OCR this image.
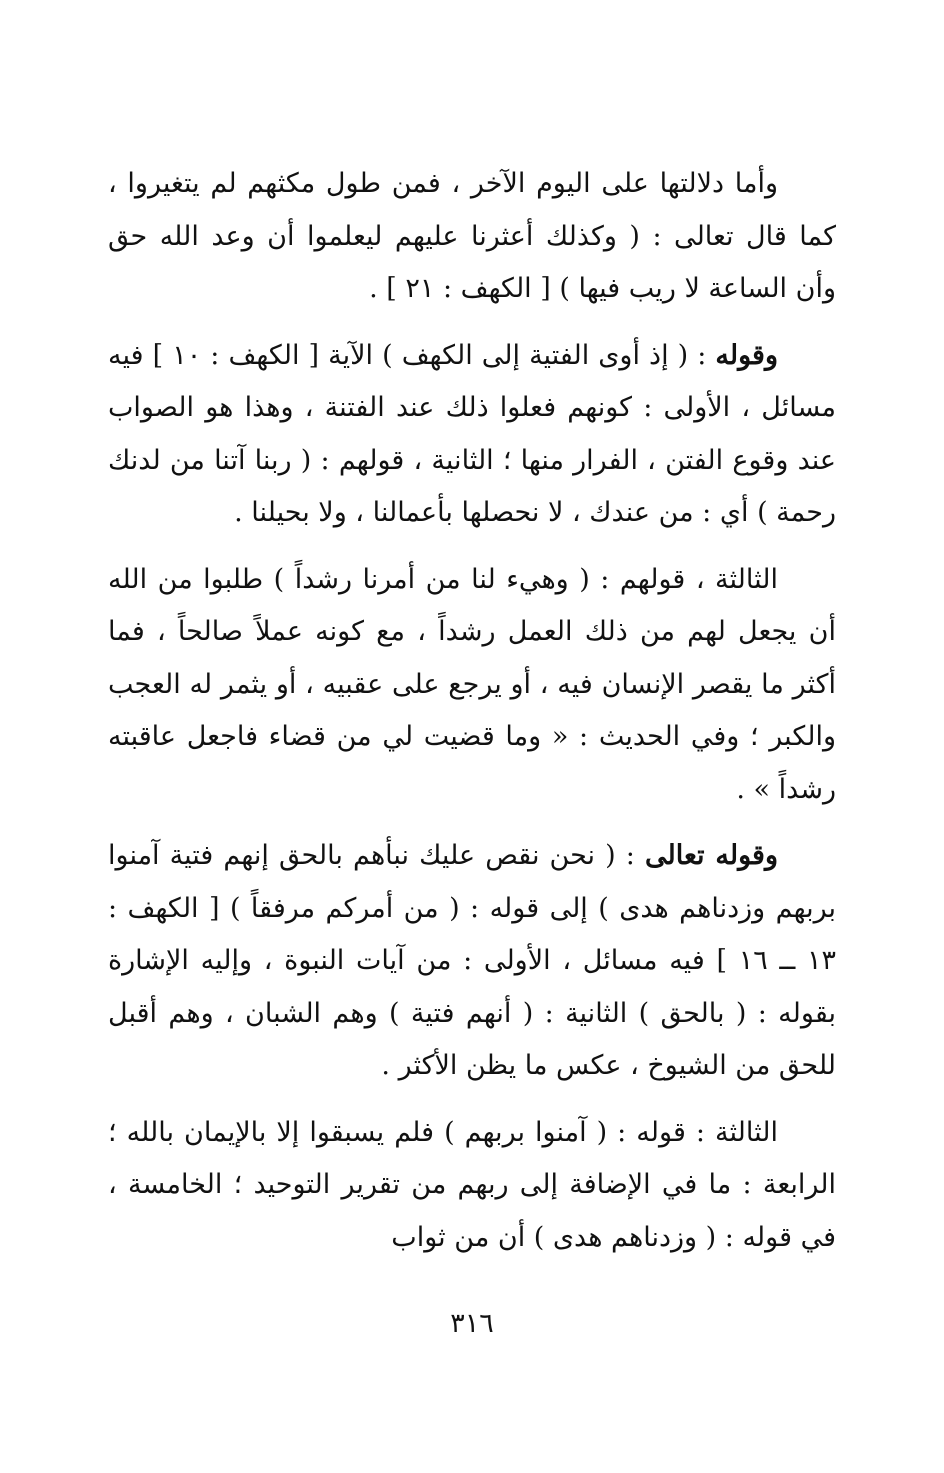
وأما دلالتها على اليوم الآخر ، فمن طول مكثهم لم يتغيروا ، كما قال تعالى : ( وكذلك أعثرنا عليهم ليعلموا أن وعد الله حق وأن الساعة لا ريب فيها ) [ الكهف : ٢١ ] .

وقوله : ( إذ أوى الفتية إلى الكهف ) الآية [ الكهف : ١٠ ] فيه مسائل ، الأولى : كونهم فعلوا ذلك عند الفتنة ، وهذا هو الصواب عند وقوع الفتن ، الفرار منها ؛ الثانية ، قولهم : ( ربنا آتنا من لدنك رحمة ) أي : من عندك ، لا نحصلها بأعمالنا ، ولا بحيلنا .

الثالثة ، قولهم : ( وهيء لنا من أمرنا رشداً ) طلبوا من الله أن يجعل لهم من ذلك العمل رشداً ، مع كونه عملاً صالحاً ، فما أكثر ما يقصر الإنسان فيه ، أو يرجع على عقبيه ، أو يثمر له العجب والكبر ؛ وفي الحديث : « وما قضيت لي من قضاء فاجعل عاقبته رشداً » .

وقوله تعالى : ( نحن نقص عليك نبأهم بالحق إنهم فتية آمنوا بربهم وزدناهم هدى ) إلى قوله : ( من أمركم مرفقاً ) [ الكهف : ١٣ ــ ١٦ ] فيه مسائل ، الأولى : من آيات النبوة ، وإليه الإشارة بقوله : ( بالحق ) الثانية : ( أنهم فتية ) وهم الشبان ، وهم أقبل للحق من الشيوخ ، عكس ما يظن الأكثر .

الثالثة : قوله : ( آمنوا بربهم ) فلم يسبقوا إلا بالإيمان بالله ؛ الرابعة : ما في الإضافة إلى ربهم من تقرير التوحيد ؛ الخامسة ، في قوله : ( وزدناهم هدى ) أن من ثواب

٣١٦
